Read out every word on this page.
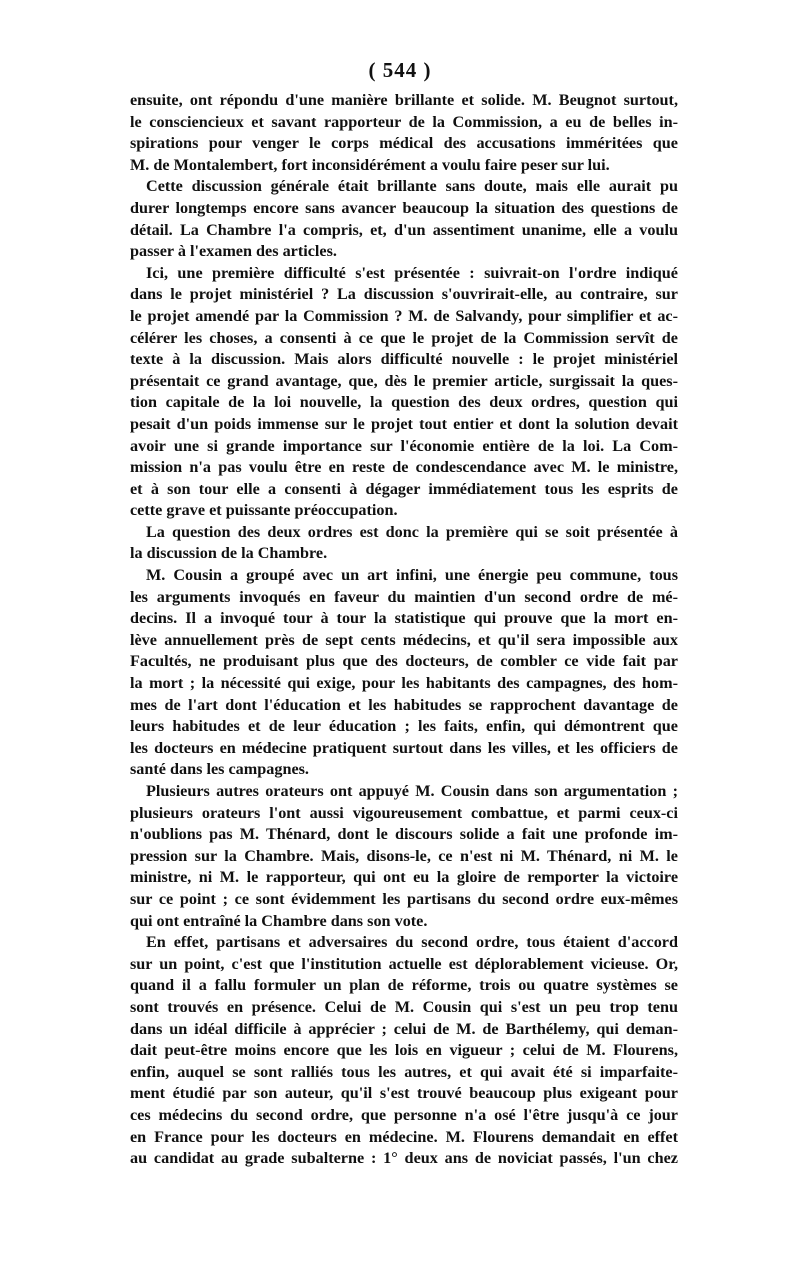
( 544 )
ensuite, ont répondu d'une manière brillante et solide. M. Beugnot surtout,
le consciencieux et savant rapporteur de la Commission, a eu de belles in-
spirations pour venger le corps médical des accusations imméritées que
M. de Montalembert, fort inconsidérément a voulu faire peser sur lui.
Cette discussion générale était brillante sans doute, mais elle aurait pu
durer longtemps encore sans avancer beaucoup la situation des questions de
détail. La Chambre l'a compris, et, d'un assentiment unanime, elle a voulu
passer à l'examen des articles.
Ici, une première difficulté s'est présentée : suivrait-on l'ordre indiqué
dans le projet ministériel ? La discussion s'ouvrirait-elle, au contraire, sur
le projet amendé par la Commission ? M. de Salvandy, pour simplifier et ac-
célérer les choses, a consenti à ce que le projet de la Commission servît de
texte à la discussion. Mais alors difficulté nouvelle : le projet ministériel
présentait ce grand avantage, que, dès le premier article, surgissait la ques-
tion capitale de la loi nouvelle, la question des deux ordres, question qui
pesait d'un poids immense sur le projet tout entier et dont la solution devait
avoir une si grande importance sur l'économie entière de la loi. La Com-
mission n'a pas voulu être en reste de condescendance avec M. le ministre,
et à son tour elle a consenti à dégager immédiatement tous les esprits de
cette grave et puissante préoccupation.
La question des deux ordres est donc la première qui se soit présentée à
la discussion de la Chambre.
M. Cousin a groupé avec un art infini, une énergie peu commune, tous
les arguments invoqués en faveur du maintien d'un second ordre de mé-
decins. Il a invoqué tour à tour la statistique qui prouve que la mort en-
lève annuellement près de sept cents médecins, et qu'il sera impossible aux
Facultés, ne produisant plus que des docteurs, de combler ce vide fait par
la mort ; la nécessité qui exige, pour les habitants des campagnes, des hom-
mes de l'art dont l'éducation et les habitudes se rapprochent davantage de
leurs habitudes et de leur éducation ; les faits, enfin, qui démontrent que
les docteurs en médecine pratiquent surtout dans les villes, et les officiers de
santé dans les campagnes.
Plusieurs autres orateurs ont appuyé M. Cousin dans son argumentation ;
plusieurs orateurs l'ont aussi vigoureusement combattue, et parmi ceux-ci
n'oublions pas M. Thénard, dont le discours solide a fait une profonde im-
pression sur la Chambre. Mais, disons-le, ce n'est ni M. Thénard, ni M. le
ministre, ni M. le rapporteur, qui ont eu la gloire de remporter la victoire
sur ce point ; ce sont évidemment les partisans du second ordre eux-mêmes
qui ont entraîné la Chambre dans son vote.
En effet, partisans et adversaires du second ordre, tous étaient d'accord
sur un point, c'est que l'institution actuelle est déplorablement vicieuse. Or,
quand il a fallu formuler un plan de réforme, trois ou quatre systèmes se
sont trouvés en présence. Celui de M. Cousin qui s'est un peu trop tenu
dans un idéal difficile à apprécier ; celui de M. de Barthélemy, qui deman-
dait peut-être moins encore que les lois en vigueur ; celui de M. Flourens,
enfin, auquel se sont ralliés tous les autres, et qui avait été si imparfaite-
ment étudié par son auteur, qu'il s'est trouvé beaucoup plus exigeant pour
ces médecins du second ordre, que personne n'a osé l'être jusqu'à ce jour
en France pour les docteurs en médecine. M. Flourens demandait en effet
au candidat au grade subalterne : 1° deux ans de noviciat passés, l'un chez
